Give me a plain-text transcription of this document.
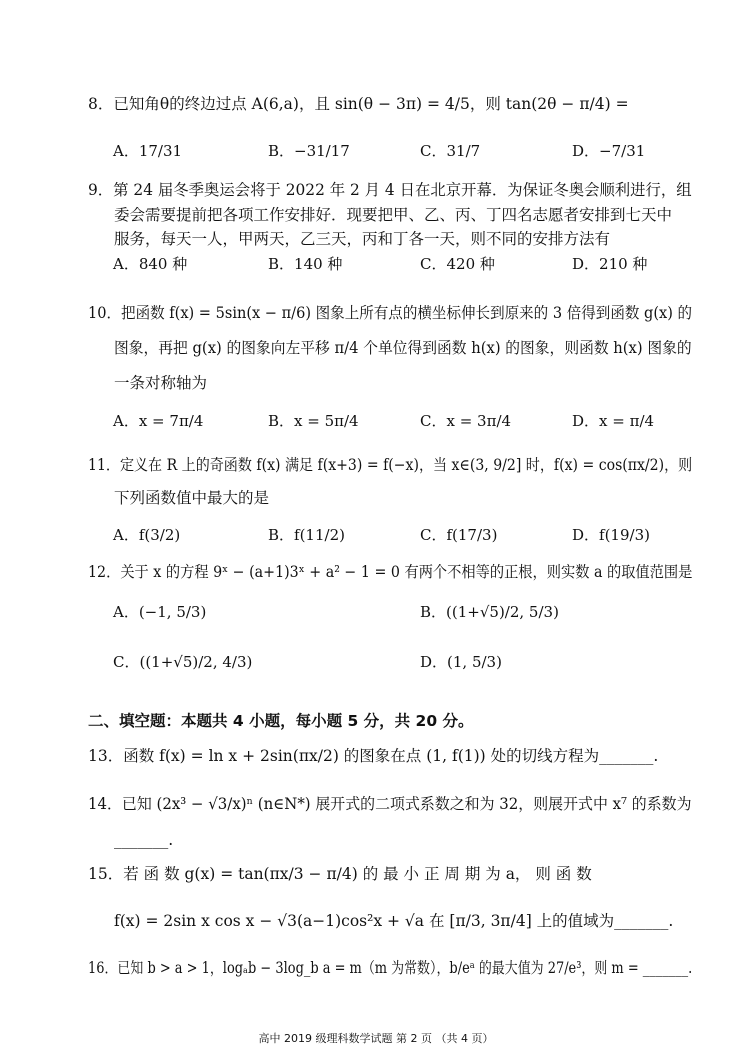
8．已知角θ的终边过点 A(6,a)，且 sin(θ − 3π) = 4/5，则 tan(2θ − π/4) =
A．17/31	B．−31/17	C．31/7	D．−7/31
9．第 24 届冬季奥运会将于 2022 年 2 月 4 日在北京开幕．为保证冬奥会顺利进行，组
委会需要提前把各项工作安排好．现要把甲、乙、丙、丁四名志愿者安排到七天中
服务，每天一人，甲两天，乙三天，丙和丁各一天，则不同的安排方法有
A．840 种	B．140 种	C．420 种	D．210 种
10．把函数 f(x) = 5sin(x − π/6) 图象上所有点的横坐标伸长到原来的 3 倍得到函数 g(x) 的
图象，再把 g(x) 的图象向左平移 π/4 个单位得到函数 h(x) 的图象，则函数 h(x) 图象的
一条对称轴为
A．x = 7π/4	B．x = 5π/4	C．x = 3π/4	D．x = π/4
11．定义在 R 上的奇函数 f(x) 满足 f(x+3) = f(−x)，当 x∈(3, 9/2] 时，f(x) = cos(πx/2)，则
下列函数值中最大的是
A．f(3/2)	B．f(11/2)	C．f(17/3)	D．f(19/3)
12．关于 x 的方程 9ˣ − (a+1)3ˣ + a² − 1 = 0 有两个不相等的正根，则实数 a 的取值范围是
A．(−1, 5/3)	B．((1+√5)/2, 5/3)
C．((1+√5)/2, 4/3)	D．(1, 5/3)
二、填空题：本题共 4 小题，每小题 5 分，共 20 分。
13．函数 f(x) = ln x + 2sin(πx/2) 的图象在点 (1, f(1)) 处的切线方程为_______.
14．已知 (2x³ − √3/x)ⁿ (n∈N*) 展开式的二项式系数之和为 32，则展开式中 x⁷ 的系数为
_______.
15．若 函 数 g(x) = tan(πx/3 − π/4) 的 最 小 正 周 期 为 a， 则 函 数
f(x) = 2sin x cos x − √3(a−1)cos²x + √a 在 [π/3, 3π/4] 上的值域为_______.
16．已知 b > a > 1，logₐb − 3log_b a = m（m 为常数），b/eᵃ 的最大值为 27/e³，则 m = _______.
高中 2019 级理科数学试题 第 2 页 （共 4 页）
